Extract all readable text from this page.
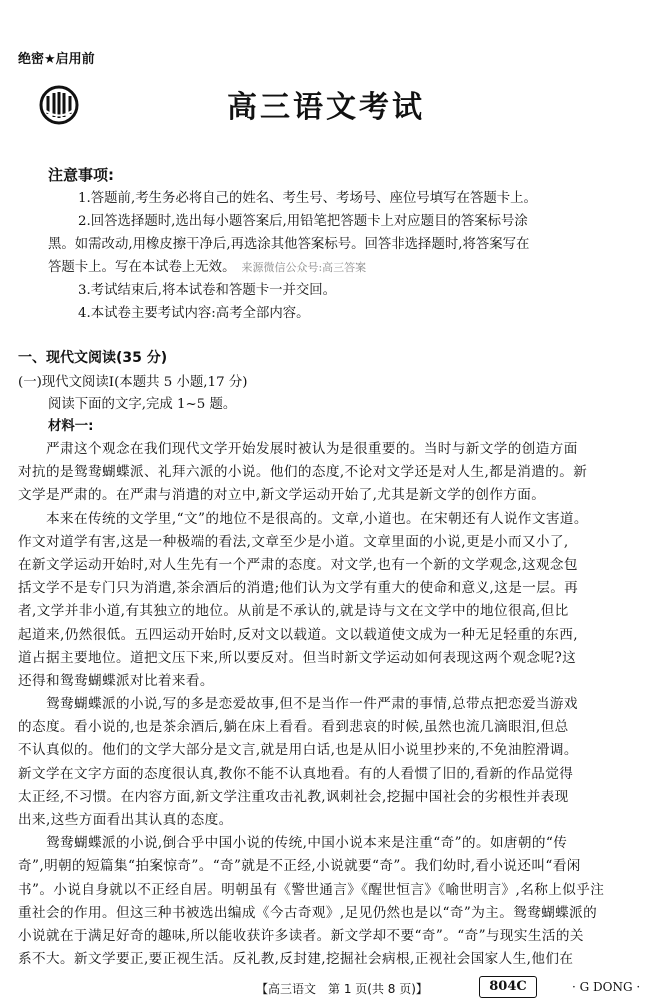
绝密★启用前
高三语文考试
注意事项:
1.答题前,考生务必将自己的姓名、考生号、考场号、座位号填写在答题卡上。
2.回答选择题时,选出每小题答案后,用铅笔把答题卡上对应题目的答案标号涂
黑。如需改动,用橡皮擦干净后,再选涂其他答案标号。回答非选择题时,将答案写在
答题卡上。写在本试卷上无效。 来源微信公众号:高三答案
3.考试结束后,将本试卷和答题卡一并交回。
4.本试卷主要考试内容:高考全部内容。
一、现代文阅读(35 分)
(一)现代文阅读Ⅰ(本题共 5 小题,17 分)
阅读下面的文字,完成 1~5 题。
材料一:
　　严肃这个观念在我们现代文学开始发展时被认为是很重要的。当时与新文学的创造方面
对抗的是鸳鸯蝴蝶派、礼拜六派的小说。他们的态度,不论对文学还是对人生,都是消遣的。新
文学是严肃的。在严肃与消遣的对立中,新文学运动开始了,尤其是新文学的创作方面。
　　本来在传统的文学里,“文”的地位不是很高的。文章,小道也。在宋朝还有人说作文害道。
作文对道学有害,这是一种极端的看法,文章至少是小道。文章里面的小说,更是小而又小了,
在新文学运动开始时,对人生先有一个严肃的态度。对文学,也有一个新的文学观念,这观念包
括文学不是专门只为消遣,茶余酒后的消遣;他们认为文学有重大的使命和意义,这是一层。再
者,文学并非小道,有其独立的地位。从前是不承认的,就是诗与文在文学中的地位很高,但比
起道来,仍然很低。五四运动开始时,反对文以载道。文以载道使文成为一种无足轻重的东西,
道占据主要地位。道把文压下来,所以要反对。但当时新文学运动如何表现这两个观念呢?这
还得和鸳鸯蝴蝶派对比着来看。
　　鸳鸯蝴蝶派的小说,写的多是恋爱故事,但不是当作一件严肃的事情,总带点把恋爱当游戏
的态度。看小说的,也是茶余酒后,躺在床上看看。看到悲哀的时候,虽然也流几滴眼泪,但总
不认真似的。他们的文学大部分是文言,就是用白话,也是从旧小说里抄来的,不免油腔滑调。
新文学在文字方面的态度很认真,教你不能不认真地看。有的人看惯了旧的,看新的作品觉得
太正经,不习惯。在内容方面,新文学注重攻击礼教,讽刺社会,挖掘中国社会的劣根性并表现
出来,这些方面看出其认真的态度。
　　鸳鸯蝴蝶派的小说,倒合乎中国小说的传统,中国小说本来是注重“奇”的。如唐朝的“传
奇”,明朝的短篇集“拍案惊奇”。“奇”就是不正经,小说就要“奇”。我们幼时,看小说还叫“看闲
书”。小说自身就以不正经自居。明朝虽有《警世通言》《醒世恒言》《喻世明言》,名称上似乎注
重社会的作用。但这三种书被选出编成《今古奇观》,足见仍然也是以“奇”为主。鸳鸯蝴蝶派的
小说就在于满足好奇的趣味,所以能收获许多读者。新文学却不要“奇”。“奇”与现实生活的关
系不大。新文学要正,要正视生活。反礼教,反封建,挖掘社会病根,正视社会国家人生,他们在
【高三语文　第 1 页(共 8 页)】	804C	· G DONG ·
